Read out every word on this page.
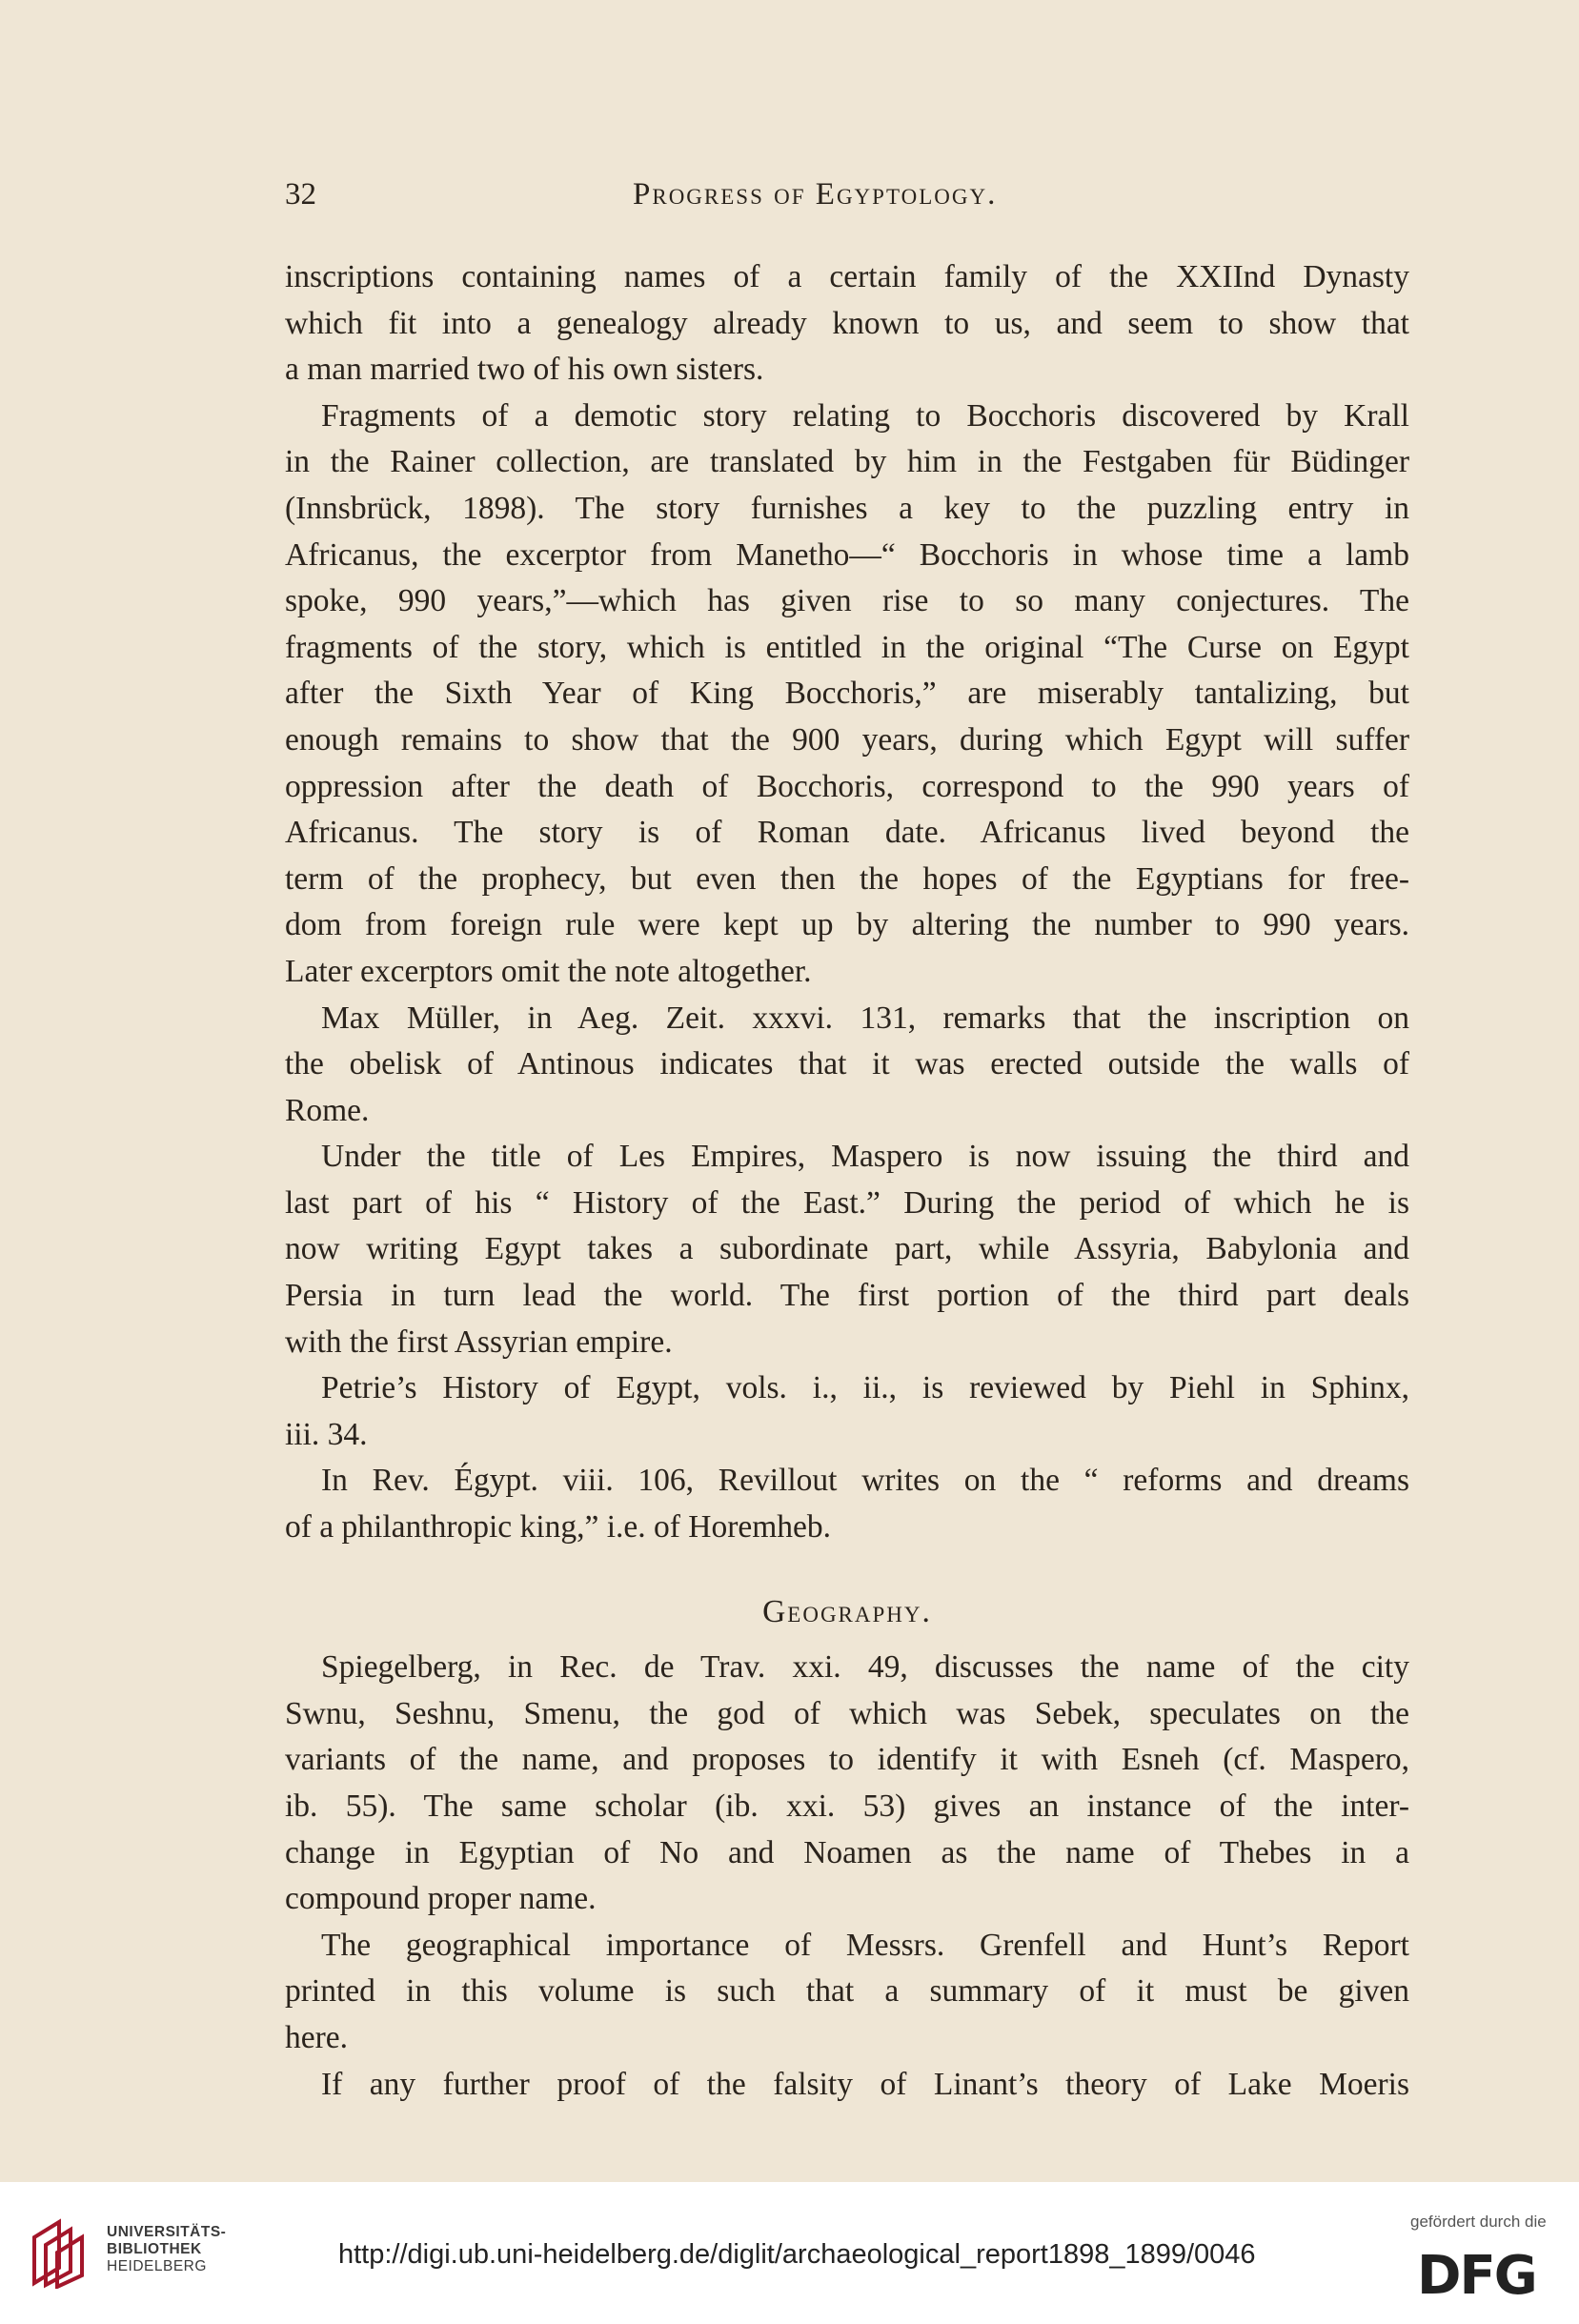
32	Progress of Egyptology.
inscriptions containing names of a certain family of the XXIInd Dynasty
which fit into a genealogy already known to us, and seem to show that
a man married two of his own sisters.
Fragments of a demotic story relating to Bocchoris discovered by Krall
in the Rainer collection, are translated by him in the Festgaben für Büdinger
(Innsbrück, 1898). The story furnishes a key to the puzzling entry in
Africanus, the excerptor from Manetho—“ Bocchoris in whose time a lamb
spoke, 990 years,”—which has given rise to so many conjectures. The
fragments of the story, which is entitled in the original “The Curse on Egypt
after the Sixth Year of King Bocchoris,” are miserably tantalizing, but
enough remains to show that the 900 years, during which Egypt will suffer
oppression after the death of Bocchoris, correspond to the 990 years of
Africanus. The story is of Roman date. Africanus lived beyond the
term of the prophecy, but even then the hopes of the Egyptians for free-
dom from foreign rule were kept up by altering the number to 990 years.
Later excerptors omit the note altogether.
Max Müller, in Aeg. Zeit. xxxvi. 131, remarks that the inscription on
the obelisk of Antinous indicates that it was erected outside the walls of
Rome.
Under the title of Les Empires, Maspero is now issuing the third and
last part of his “ History of the East.” During the period of which he is
now writing Egypt takes a subordinate part, while Assyria, Babylonia and
Persia in turn lead the world. The first portion of the third part deals
with the first Assyrian empire.
Petrie’s History of Egypt, vols. i., ii., is reviewed by Piehl in Sphinx,
iii. 34.
In Rev. Égypt. viii. 106, Revillout writes on the “ reforms and dreams
of a philanthropic king,” i.e. of Horemheb.
Geography.
Spiegelberg, in Rec. de Trav. xxi. 49, discusses the name of the city
Swnu, Seshnu, Smenu, the god of which was Sebek, speculates on the
variants of the name, and proposes to identify it with Esneh (cf. Maspero,
ib. 55). The same scholar (ib. xxi. 53) gives an instance of the inter-
change in Egyptian of No and Noamen as the name of Thebes in a
compound proper name.
The geographical importance of Messrs. Grenfell and Hunt’s Report
printed in this volume is such that a summary of it must be given
here.
If any further proof of the falsity of Linant’s theory of Lake Moeris
UNIVERSITÄTS-
BIBLIOTHEK
HEIDELBERG	http://digi.ub.uni-heidelberg.de/diglit/archaeological_report1898_1899/0046
gefördert durch die
DFG
